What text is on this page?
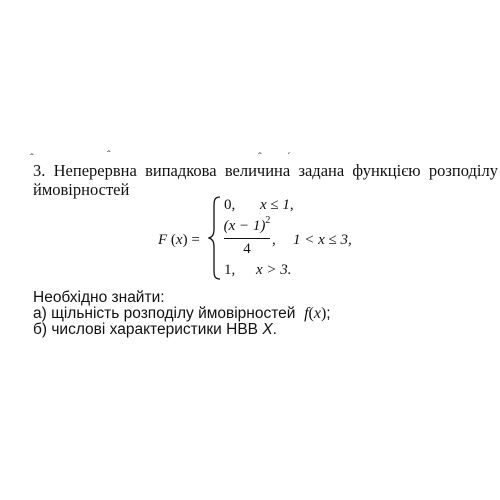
ˆ	ˆ	ˆ ˊ
3. Неперервна випадкова величина задана функцією розподілу ймовірностей
F (x) =
0, x ≤ 1,
$(x - 1)^2$
4
, 1 < x ≤ 3,
1, x > 3.
Необхідно знайти:
а) щільність розподілу ймовірностей f(x);
б) числові характеристики НВВ X.
